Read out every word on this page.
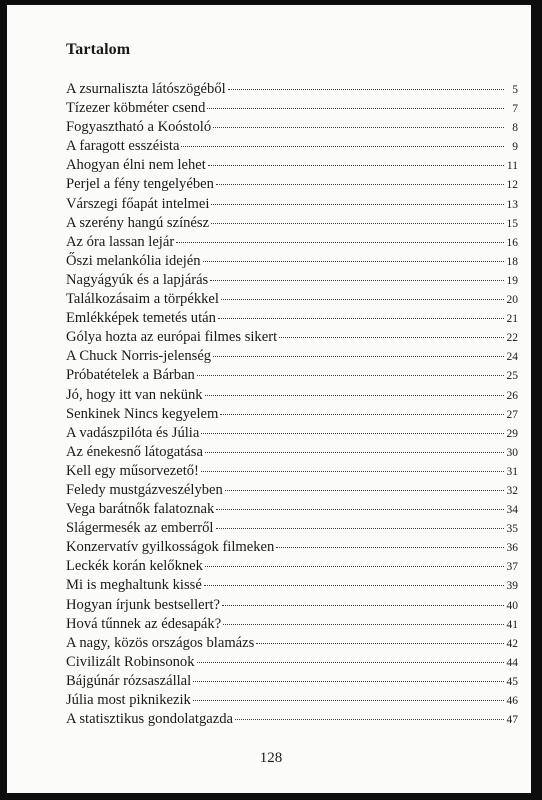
Tartalom
A zsurnaliszta látószögéből	5
Tízezer köbméter csend	7
Fogyasztható a Koóstoló	8
A faragott esszéista	9
Ahogyan élni nem lehet	11
Perjel a fény tengelyében	12
Várszegi főapát intelmei	13
A szerény hangú színész	15
Az óra lassan lejár	16
Őszi melankólia idején	18
Nagyágyúk és a lapjárás	19
Találkozásaim a törpékkel	20
Emlékképek temetés után	21
Gólya hozta az európai filmes sikert	22
A Chuck Norris-jelenség	24
Próbatételek a Bárban	25
Jó, hogy itt van nekünk	26
Senkinek Nincs kegyelem	27
A vadászpilóta és Júlia	29
Az énekesnő látogatása	30
Kell egy műsorvezető!	31
Feledy mustgázveszélyben	32
Vega barátnők falatoznak	34
Slágermesék az emberről	35
Konzervatív gyilkosságok filmeken	36
Leckék korán kelőknek	37
Mi is meghaltunk kissé	39
Hogyan írjunk bestsellert?	40
Hová tűnnek az édesapák?	41
A nagy, közös országos blamázs	42
Civilizált Robinsonok	44
Bájgúnár rózsaszállal	45
Júlia most piknikezik	46
A statisztikus gondolatgazda	47
128
